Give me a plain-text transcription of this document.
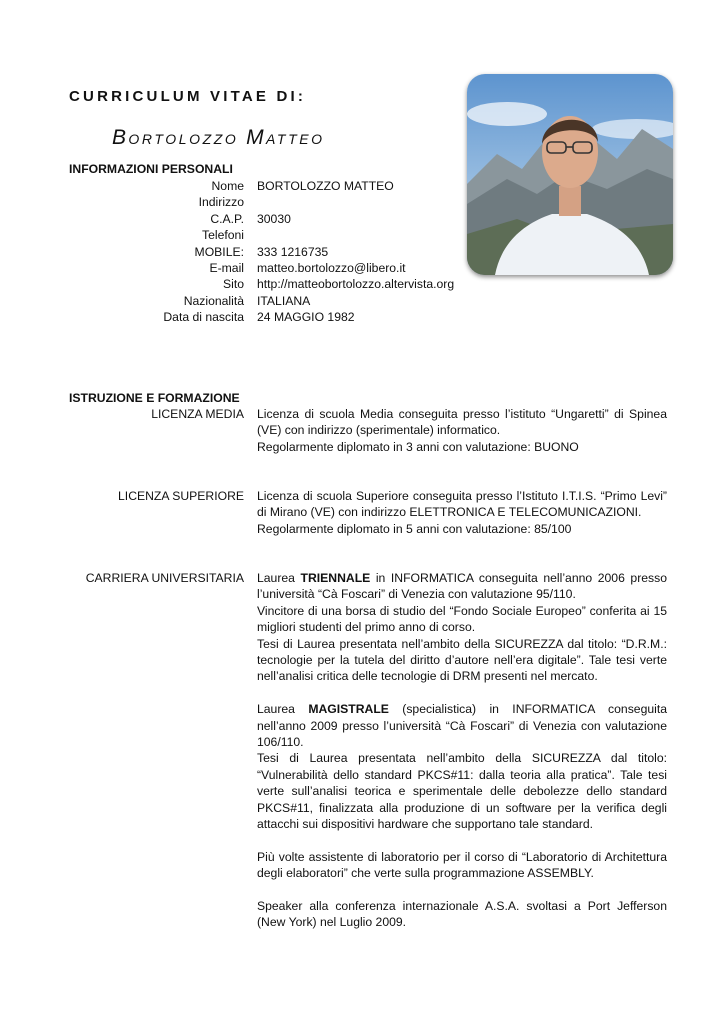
CURRICULUM VITAE DI:
BORTOLOZZO MATTEO
INFORMAZIONI PERSONALI
Nome	BORTOLOZZO MATTEO
Indirizzo
C.A.P.	30030
Telefoni
MOBILE:	333 1216735
E-mail	matteo.bortolozzo@libero.it
Sito	http://matteobortolozzo.altervista.org
Nazionalità	ITALIANA
Data di nascita	24 MAGGIO 1982
ISTRUZIONE E FORMAZIONE
LICENZA MEDIA	Licenza di scuola Media conseguita presso l’istituto “Ungaretti” di Spinea (VE) con indirizzo (sperimentale) informatico.

Regolarmente diplomato in 3 anni con valutazione: BUONO

LICENZA SUPERIORE	Licenza di scuola Superiore conseguita presso l’Istituto I.T.I.S. “Primo Levi” di Mirano (VE) con indirizzo ELETTRONICA E TELECOMUNICAZIONI.

Regolarmente diplomato in 5 anni con valutazione: 85/100

CARRIERA UNIVERSITARIA	Laurea TRIENNALE in INFORMATICA conseguita nell’anno 2006 presso l’università “Cà Foscari” di Venezia con valutazione 95/110.

Vincitore di una borsa di studio del “Fondo Sociale Europeo” conferita ai 15 migliori studenti del primo anno di corso.

Tesi di Laurea presentata nell’ambito della SICUREZZA dal titolo: “D.R.M.: tecnologie per la tutela del diritto d’autore nell’era digitale”. Tale tesi verte nell’analisi critica delle tecnologie di DRM presenti nel mercato.

Laurea MAGISTRALE (specialistica) in INFORMATICA conseguita nell’anno 2009 presso l’università “Cà Foscari” di Venezia con valutazione 106/110.

Tesi di Laurea presentata nell’ambito della SICUREZZA dal titolo: “Vulnerabilità dello standard PKCS#11: dalla teoria alla pratica”. Tale tesi verte sull’analisi teorica e sperimentale delle debolezze dello standard PKCS#11, finalizzata alla produzione di un software per la verifica degli attacchi sui dispositivi hardware che supportano tale standard.

Più volte assistente di laboratorio per il corso di “Laboratorio di Architettura degli elaboratori” che verte sulla programmazione ASSEMBLY.

Speaker alla conferenza internazionale A.S.A. svoltasi a Port Jefferson (New York) nel Luglio 2009.
